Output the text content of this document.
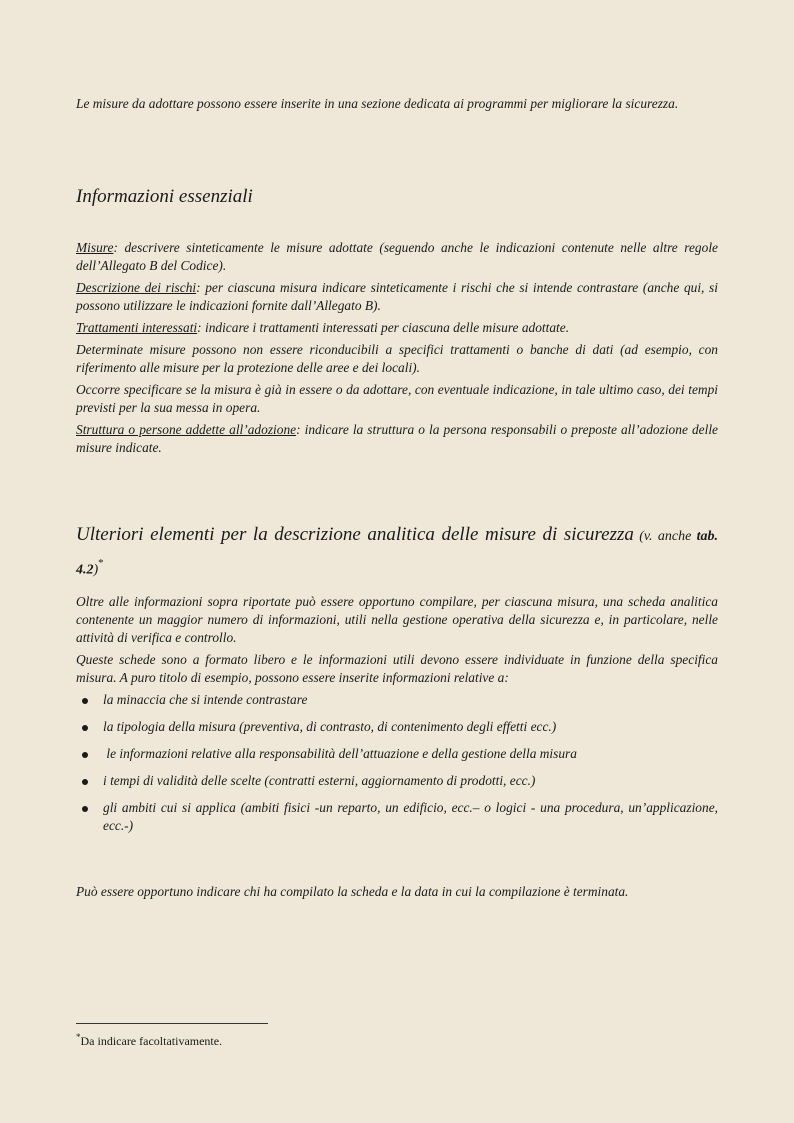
Le misure da adottare possono essere inserite in una sezione dedicata ai programmi per migliorare la sicurezza.

Informazioni essenziali

Misure: descrivere sinteticamente le misure adottate (seguendo anche le indicazioni contenute nelle altre regole dell’Allegato B del Codice).

Descrizione dei rischi: per ciascuna misura indicare sinteticamente i rischi che si intende contrastare (anche qui, si possono utilizzare le indicazioni fornite dall’Allegato B).

Trattamenti interessati: indicare i trattamenti interessati per ciascuna delle misure adottate.

Determinate misure possono non essere riconducibili a specifici trattamenti o banche di dati (ad esempio, con riferimento alle misure per la protezione delle aree e dei locali).

Occorre specificare se la misura è già in essere o da adottare, con eventuale indicazione, in tale ultimo caso, dei tempi previsti per la sua messa in opera.

Struttura o persone addette all’adozione: indicare la struttura o la persona responsabili o preposte all’adozione delle misure indicate.

Ulteriori elementi per la descrizione analitica delle misure di sicurezza (v. anche tab. 4.2)*

Oltre alle informazioni sopra riportate può essere opportuno compilare, per ciascuna misura, una scheda analitica contenente un maggior numero di informazioni, utili nella gestione operativa della sicurezza e, in particolare, nelle attività di verifica e controllo.

Queste schede sono a formato libero e le informazioni utili devono essere individuate in funzione della specifica misura. A puro titolo di esempio, possono essere inserite informazioni relative a:

la minaccia che si intende contrastare
la tipologia della misura (preventiva, di contrasto, di contenimento degli effetti ecc.)
le informazioni relative alla responsabilità dell’attuazione e della gestione della misura
i tempi di validità delle scelte (contratti esterni, aggiornamento di prodotti, ecc.)
gli ambiti cui si applica (ambiti fisici -un reparto, un edificio, ecc.– o logici - una procedura, un’applicazione, ecc.-)

Può essere opportuno indicare chi ha compilato la scheda e la data in cui la compilazione è terminata.

*Da indicare facoltativamente.
